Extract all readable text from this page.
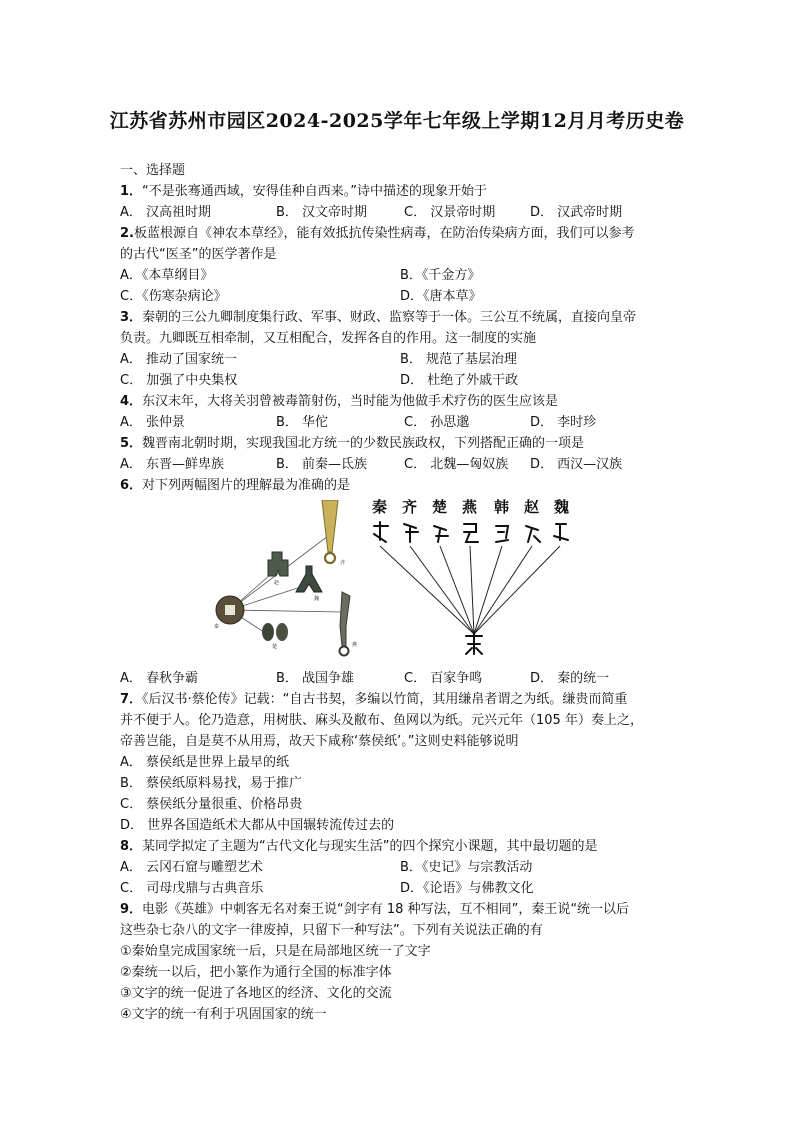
江苏省苏州市园区2024-2025学年七年级上学期12月月考历史卷
一、选择题
1．“不是张骞通西域，安得佳种自西来。”诗中描述的现象开始于
A． 汉高祖时期	B． 汉文帝时期	C． 汉景帝时期	D． 汉武帝时期
2.板蓝根源自《神农本草经》，能有效抵抗传染性病毒，在防治传染病方面，我们可以参考
的古代“医圣”的医学著作是
A．《本草纲目》	B．《千金方》
C．《伤寒杂病论》	D．《唐本草》
3．秦朝的三公九卿制度集行政、军事、财政、监察等于一体。三公互不统属，直接向皇帝
负责。九卿既互相牵制，又互相配合，发挥各自的作用。这一制度的实施
A． 推动了国家统一	B． 规范了基层治理
C． 加强了中央集权	D． 杜绝了外戚干政
4．东汉末年，大将关羽曾被毒箭射伤，当时能为他做手术疗伤的医生应该是
A． 张仲景	B． 华佗	C． 孙思邈	D． 李时珍
5．魏晋南北朝时期，实现我国北方统一的少数民族政权，下列搭配正确的一项是
A． 东晋—鲜卑族	B． 前秦—氐族	C． 北魏—匈奴族	D． 西汉—汉族
6．对下列两幅图片的理解最为准确的是
秦
齐
赵
魏
楚	燕
秦 齐 楚 燕 韩 赵 魏
A． 春秋争霸	B． 战国争雄	C． 百家争鸣	D． 秦的统一
7．《后汉书·蔡伦传》记载：“自古书契，多编以竹简，其用缣帛者谓之为纸。缣贵而简重
并不便于人。伦乃造意，用树肤、麻头及敝布、鱼网以为纸。元兴元年（105 年）奏上之，
帝善岂能，自是莫不从用焉，故天下咸称‘蔡侯纸’。”这则史料能够说明
A． 蔡侯纸是世界上最早的纸
B． 蔡侯纸原料易找，易于推广
C． 蔡侯纸分量很重、价格昂贵
D． 世界各国造纸术大都从中国辗转流传过去的
8．某同学拟定了主题为“古代文化与现实生活”的四个探究小课题，其中最切题的是
A． 云冈石窟与雕塑艺术	B．《史记》与宗教活动
C． 司母戊鼎与古典音乐	D．《论语》与佛教文化
9．电影《英雄》中刺客无名对秦王说“剑字有 18 种写法，互不相同”，秦王说“统一以后
这些杂七杂八的文字一律废掉，只留下一种写法”。下列有关说法正确的有
①秦始皇完成国家统一后，只是在局部地区统一了文字
②秦统一以后，把小篆作为通行全国的标准字体
③文字的统一促进了各地区的经济、文化的交流
④文字的统一有利于巩固国家的统一
